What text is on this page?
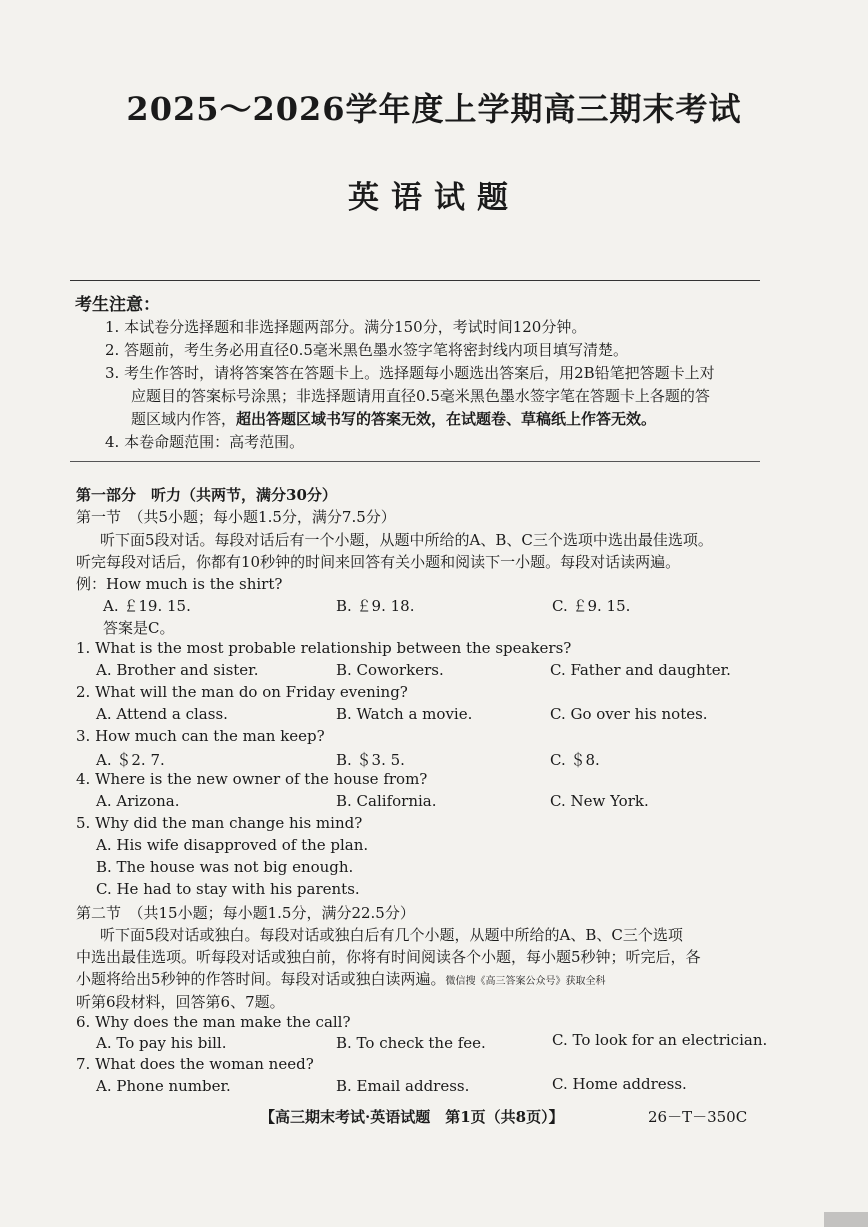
2025～2026学年度上学期高三期末考试
英语试题
考生注意：

1. 本试卷分选择题和非选择题两部分。满分150分，考试时间120分钟。

2. 答题前，考生务必用直径0.5毫米黑色墨水签字笔将密封线内项目填写清楚。

3. 考生作答时，请将答案答在答题卡上。选择题每小题选出答案后，用2B铅笔把答题卡上对

应题目的答案标号涂黑；非选择题请用直径0.5毫米黑色墨水签字笔在答题卡上各题的答

题区域内作答，超出答题区域书写的答案无效，在试题卷、草稿纸上作答无效。

4. 本卷命题范围：高考范围。

第一部分　听力（共两节，满分30分）
第一节　（共5小题；每小题1.5分，满分7.5分）
听下面5段对话。每段对话后有一个小题，从题中所给的A、B、C三个选项中选出最佳选项。
听完每段对话后，你都有10秒钟的时间来回答有关小题和阅读下一小题。每段对话读两遍。
例：How much is the shirt?
A. ￡19. 15.	B. ￡9. 18.	C. ￡9. 15.
答案是C。
1. What is the most probable relationship between the speakers?
A. Brother and sister.	B. Coworkers.	C. Father and daughter.
2. What will the man do on Friday evening?
A. Attend a class.	B. Watch a movie.	C. Go over his notes.
3. How much can the man keep?
A. ＄2. 7.	B. ＄3. 5.	C. ＄8.
4. Where is the new owner of the house from?
A. Arizona.	B. California.	C. New York.
5. Why did the man change his mind?
A. His wife disapproved of the plan.
B. The house was not big enough.
C. He had to stay with his parents.
第二节　（共15小题；每小题1.5分，满分22.5分）
听下面5段对话或独白。每段对话或独白后有几个小题，从题中所给的A、B、C三个选项
中选出最佳选项。听每段对话或独白前，你将有时间阅读各个小题，每小题5秒钟；听完后，各
小题将给出5秒钟的作答时间。每段对话或独白读两遍。微信搜《高三答案公众号》获取全科
听第6段材料，回答第6、7题。
6. Why does the man make the call?
A. To pay his bill.	B. To check the fee.	C. To look for an electrician.
7. What does the woman need?
A. Phone number.	B. Email address.	C. Home address.
【高三期末考试·英语试题　第1页（共8页）】	26－T－350C
